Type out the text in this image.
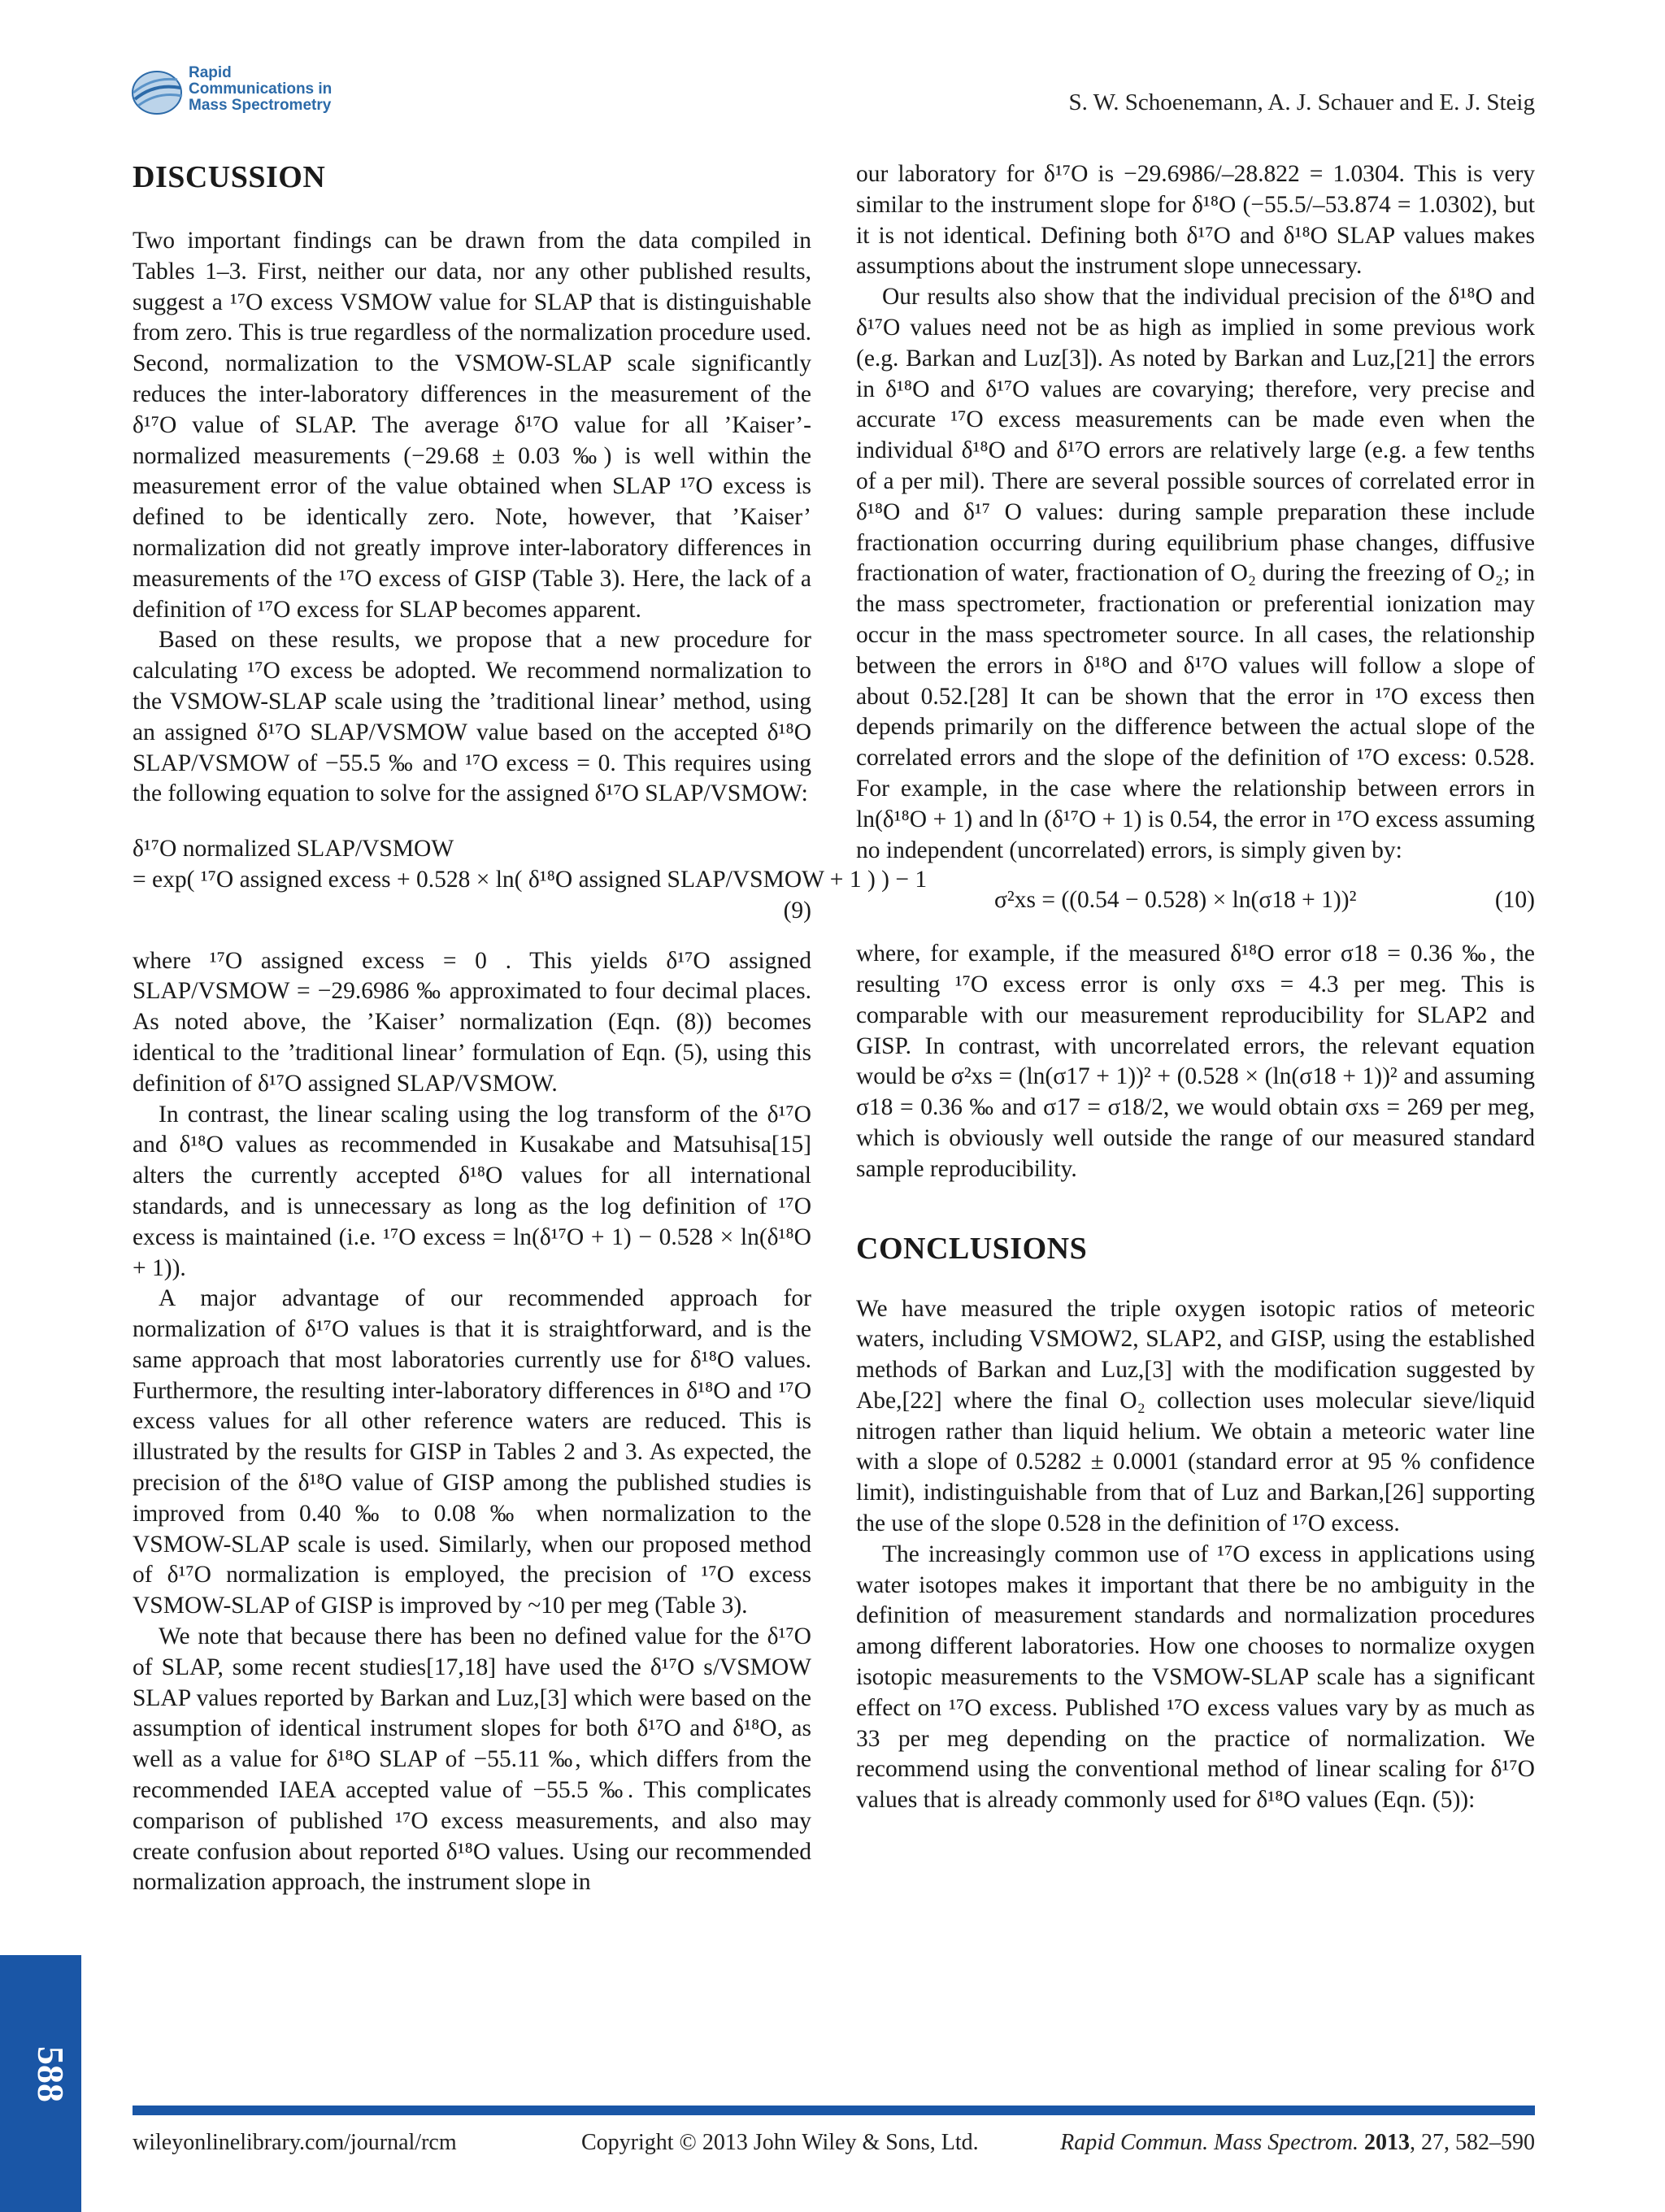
Rapid
Communications in
Mass Spectrometry	S. W. Schoenemann, A. J. Schauer and E. J. Steig
DISCUSSION

Two important findings can be drawn from the data compiled in Tables 1–3. First, neither our data, nor any other published results, suggest a ¹⁷O excess VSMOW value for SLAP that is distinguishable from zero. This is true regardless of the normalization procedure used. Second, normalization to the VSMOW-SLAP scale significantly reduces the inter-laboratory differences in the measurement of the δ¹⁷O value of SLAP. The average δ¹⁷O value for all ’Kaiser’-normalized measurements (−29.68 ± 0.03 ‰) is well within the measurement error of the value obtained when SLAP ¹⁷O excess is defined to be identically zero. Note, however, that ’Kaiser’ normalization did not greatly improve inter-laboratory differences in measurements of the ¹⁷O excess of GISP (Table 3). Here, the lack of a definition of ¹⁷O excess for SLAP becomes apparent.

Based on these results, we propose that a new procedure for calculating ¹⁷O excess be adopted. We recommend normalization to the VSMOW-SLAP scale using the ’traditional linear’ method, using an assigned δ¹⁷O SLAP/VSMOW value based on the accepted δ¹⁸O SLAP/VSMOW of −55.5 ‰ and ¹⁷O excess = 0. This requires using the following equation to solve for the assigned δ¹⁷O SLAP/VSMOW:

δ¹⁷O normalized SLAP/VSMOW
= exp( ¹⁷O assigned excess + 0.528 × ln( δ¹⁸O assigned SLAP/VSMOW + 1 ) ) − 1
(9)

where ¹⁷O assigned excess = 0 . This yields δ¹⁷O assigned SLAP/VSMOW = −29.6986 ‰ approximated to four decimal places. As noted above, the ’Kaiser’ normalization (Eqn. (8)) becomes identical to the ’traditional linear’ formulation of Eqn. (5), using this definition of δ¹⁷O assigned SLAP/VSMOW.

In contrast, the linear scaling using the log transform of the δ¹⁷O and δ¹⁸O values as recommended in Kusakabe and Matsuhisa[15] alters the currently accepted δ¹⁸O values for all international standards, and is unnecessary as long as the log definition of ¹⁷O excess is maintained (i.e. ¹⁷O excess = ln(δ¹⁷O + 1) − 0.528 × ln(δ¹⁸O + 1)).

A major advantage of our recommended approach for normalization of δ¹⁷O values is that it is straightforward, and is the same approach that most laboratories currently use for δ¹⁸O values. Furthermore, the resulting inter-laboratory differences in δ¹⁸O and ¹⁷O excess values for all other reference waters are reduced. This is illustrated by the results for GISP in Tables 2 and 3. As expected, the precision of the δ¹⁸O value of GISP among the published studies is improved from 0.40 ‰ to 0.08 ‰ when normalization to the VSMOW-SLAP scale is used. Similarly, when our proposed method of δ¹⁷O normalization is employed, the precision of ¹⁷O excess VSMOW-SLAP of GISP is improved by ~10 per meg (Table 3).

We note that because there has been no defined value for the δ¹⁷O of SLAP, some recent studies[17,18] have used the δ¹⁷O s/VSMOW SLAP values reported by Barkan and Luz,[3] which were based on the assumption of identical instrument slopes for both δ¹⁷O and δ¹⁸O, as well as a value for δ¹⁸O SLAP of −55.11 ‰, which differs from the recommended IAEA accepted value of −55.5 ‰. This complicates comparison of published ¹⁷O excess measurements, and also may create confusion about reported δ¹⁸O values. Using our recommended normalization approach, the instrument slope in

our laboratory for δ¹⁷O is −29.6986/–28.822 = 1.0304. This is very similar to the instrument slope for δ¹⁸O (−55.5/–53.874 = 1.0302), but it is not identical. Defining both δ¹⁷O and δ¹⁸O SLAP values makes assumptions about the instrument slope unnecessary.

Our results also show that the individual precision of the δ¹⁸O and δ¹⁷O values need not be as high as implied in some previous work (e.g. Barkan and Luz[3]). As noted by Barkan and Luz,[21] the errors in δ¹⁸O and δ¹⁷O values are covarying; therefore, very precise and accurate ¹⁷O excess measurements can be made even when the individual δ¹⁸O and δ¹⁷O errors are relatively large (e.g. a few tenths of a per mil). There are several possible sources of correlated error in δ¹⁸O and δ¹⁷ O values: during sample preparation these include fractionation occurring during equilibrium phase changes, diffusive fractionation of water, fractionation of O₂ during the freezing of O₂; in the mass spectrometer, fractionation or preferential ionization may occur in the mass spectrometer source. In all cases, the relationship between the errors in δ¹⁸O and δ¹⁷O values will follow a slope of about 0.52.[28] It can be shown that the error in ¹⁷O excess then depends primarily on the difference between the actual slope of the correlated errors and the slope of the definition of ¹⁷O excess: 0.528. For example, in the case where the relationship between errors in ln(δ¹⁸O + 1) and ln (δ¹⁷O + 1) is 0.54, the error in ¹⁷O excess assuming no independent (uncorrelated) errors, is simply given by:

σ²xs = ((0.54 − 0.528) × ln(σ18 + 1))²	(10)

where, for example, if the measured δ¹⁸O error σ18 = 0.36 ‰, the resulting ¹⁷O excess error is only σxs = 4.3 per meg. This is comparable with our measurement reproducibility for SLAP2 and GISP. In contrast, with uncorrelated errors, the relevant equation would be σ²xs = (ln(σ17 + 1))² + (0.528 × (ln(σ18 + 1))² and assuming σ18 = 0.36 ‰ and σ17 = σ18/2, we would obtain σxs = 269 per meg, which is obviously well outside the range of our measured standard sample reproducibility.

CONCLUSIONS

We have measured the triple oxygen isotopic ratios of meteoric waters, including VSMOW2, SLAP2, and GISP, using the established methods of Barkan and Luz,[3] with the modification suggested by Abe,[22] where the final O₂ collection uses molecular sieve/liquid nitrogen rather than liquid helium. We obtain a meteoric water line with a slope of 0.5282 ± 0.0001 (standard error at 95 % confidence limit), indistinguishable from that of Luz and Barkan,[26] supporting the use of the slope 0.528 in the definition of ¹⁷O excess.

The increasingly common use of ¹⁷O excess in applications using water isotopes makes it important that there be no ambiguity in the definition of measurement standards and normalization procedures among different laboratories. How one chooses to normalize oxygen isotopic measurements to the VSMOW-SLAP scale has a significant effect on ¹⁷O excess. Published ¹⁷O excess values vary by as much as 33 per meg depending on the practice of normalization. We recommend using the conventional method of linear scaling for δ¹⁷O values that is already commonly used for δ¹⁸O values (Eqn. (5)):

588
wileyonlinelibrary.com/journal/rcm	Copyright © 2013 John Wiley & Sons, Ltd.	Rapid Commun. Mass Spectrom. 2013, 27, 582–590
